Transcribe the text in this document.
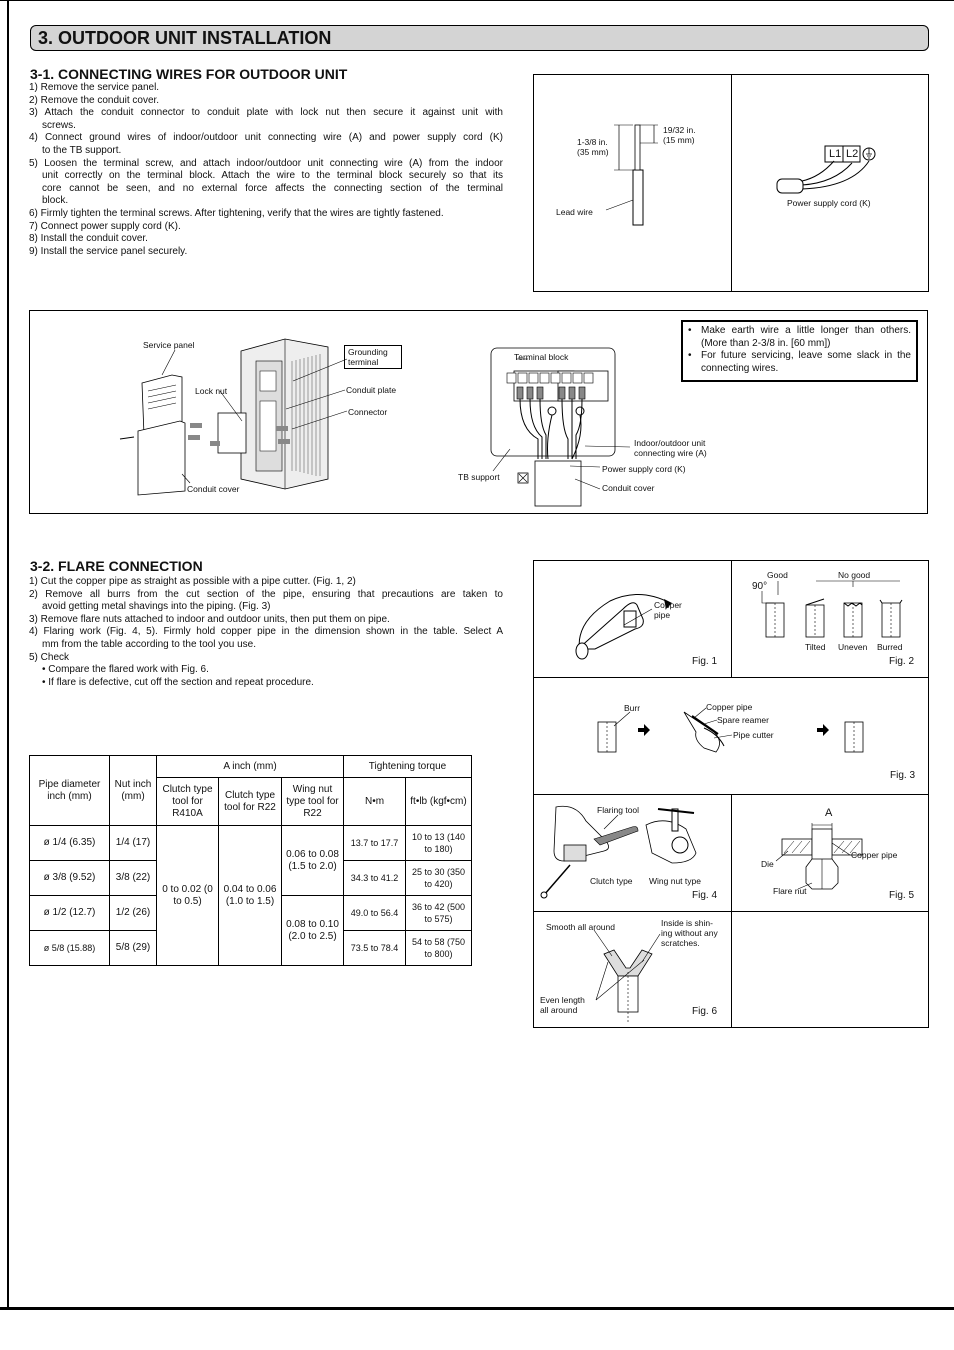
3. OUTDOOR UNIT INSTALLATION
3-1. CONNECTING WIRES FOR OUTDOOR UNIT
1) Remove the service panel.
2) Remove the conduit cover.
3) Attach the conduit connector to conduit plate with lock nut then secure it against unit with
screws.
4) Connect ground wires of indoor/outdoor unit connecting wire (A) and power supply cord (K)
to the TB support.
5) Loosen the terminal screw, and attach indoor/outdoor unit connecting wire (A) from the indoor
unit correctly on the terminal block. Attach the wire to the terminal block securely so that its
core cannot be seen, and no external force affects the connecting section of the terminal
block.
6) Firmly tighten the terminal screws. After tightening, verify that the wires are tightly fastened.
7) Connect power supply cord (K).
8) Install the conduit cover.
9) Install the service panel securely.
1-3/8 in.
(35 mm)
19/32 in.
(15 mm)
Lead wire
L1 L2
Power supply cord (K)
Service panel
Lock nut
Grounding
terminal
Conduit plate
Connector
Conduit cover
Terminal block
TB support
Indoor/outdoor unit
connecting wire (A)
Power supply cord (K)
Conduit cover
• Make earth wire a little longer than others. (More than 2-3/8 in. [60 mm])
• For future servicing, leave some slack in the connecting wires.
3-2. FLARE CONNECTION
1) Cut the copper pipe as straight as possible with a pipe cutter. (Fig. 1, 2)
2) Remove all burrs from the cut section of the pipe, ensuring that precautions are taken to
avoid getting metal shavings into the piping. (Fig. 3)
3) Remove flare nuts attached to indoor and outdoor units, then put them on pipe.
4) Flaring work (Fig. 4, 5). Firmly hold copper pipe in the dimension shown in the table. Select A
mm from the table according to the tool you use.
5) Check
• Compare the flared work with Fig. 6.
• If flare is defective, cut off the section and repeat procedure.
Pipe diameter inch (mm)	Nut inch (mm)	A inch (mm)			Tightening torque	
		Clutch type tool for R410A	Clutch type tool for R22	Wing nut type tool for R22	N•m	ft•lb (kgf•cm)
ø 1/4 (6.35)	1/4 (17)	0 to 0.02 (0 to 0.5)	0.04 to 0.06 (1.0 to 1.5)	0.06 to 0.08 (1.5 to 2.0)	13.7 to 17.7	10 to 13 (140 to 180)
ø 3/8 (9.52)	3/8 (22)				34.3 to 41.2	25 to 30 (350 to 420)
ø 1/2 (12.7)	1/2 (26)			0.08 to 0.10 (2.0 to 2.5)	49.0 to 56.4	36 to 42 (500 to 575)
ø 5/8 (15.88)	5/8 (29)				73.5 to 78.4	54 to 58 (750 to 800)
Copper
pipe
Fig. 1
Good	No good
90°
Tilted Uneven Burred
Fig. 2
Burr	Copper pipe
Spare reamer
Pipe cutter
Fig. 3
Flaring tool
Clutch type Wing nut type
Fig. 4
A
Die
Copper pipe
Flare nut	Fig. 5
Smooth all around	Inside is shin-
ing without any
scratches.
Even length
all around	Fig. 6
